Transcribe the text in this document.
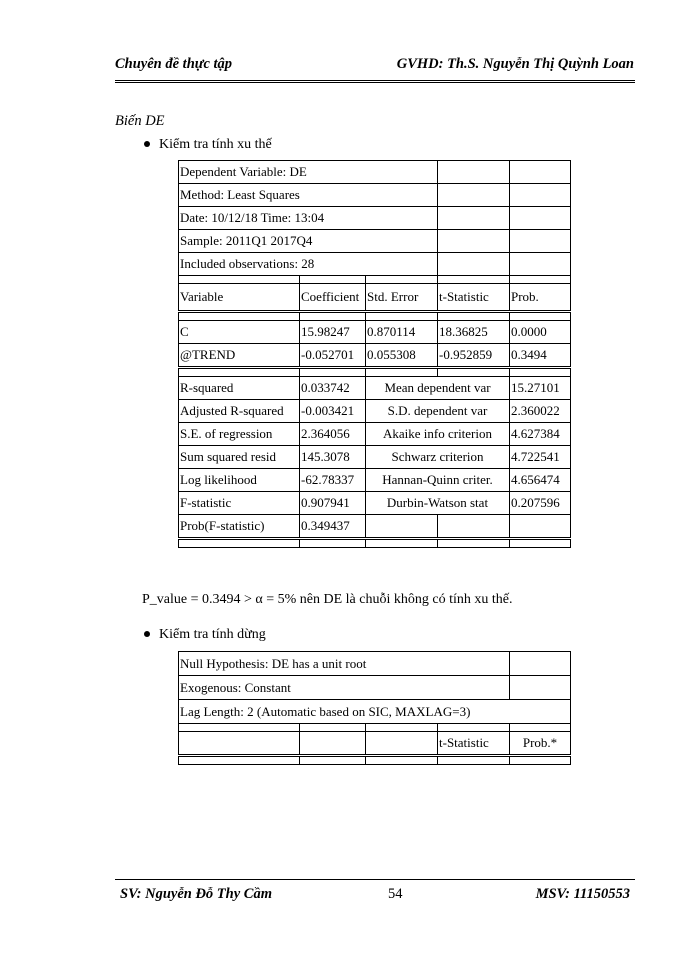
Chuyên đề thực tập	GVHD: Th.S. Nguyễn Thị Quỳnh Loan
Biến DE
Kiểm tra tính xu thế
Dependent Variable: DE				
Method: Least Squares				
Date: 10/12/18 Time: 13:04				
Sample: 2011Q1 2017Q4				
Included observations: 28				

Variable	Coefficient	Std. Error	t-Statistic	Prob.

C	15.98247	0.870114	18.36825	0.0000
@TREND	-0.052701	0.055308	-0.952859	0.3494

R-squared	0.033742	Mean dependent var		15.27101
Adjusted R-squared	-0.003421	S.D. dependent var		2.360022
S.E. of regression	2.364056	Akaike info criterion		4.627384
Sum squared resid	145.3078	Schwarz criterion		4.722541
Log likelihood	-62.78337	Hannan-Quinn criter.		4.656474
F-statistic	0.907941	Durbin-Watson stat		0.207596
Prob(F-statistic)	0.349437			

P_value = 0.3494 > α = 5% nên DE là chuỗi không có tính xu thế.
Kiểm tra tính dừng
Null Hypothesis: DE has a unit root				
Exogenous: Constant				
Lag Length: 2 (Automatic based on SIC, MAXLAG=3)				

			t-Statistic	Prob.*

SV: Nguyễn Đỗ Thy Cầm	54	MSV: 11150553
